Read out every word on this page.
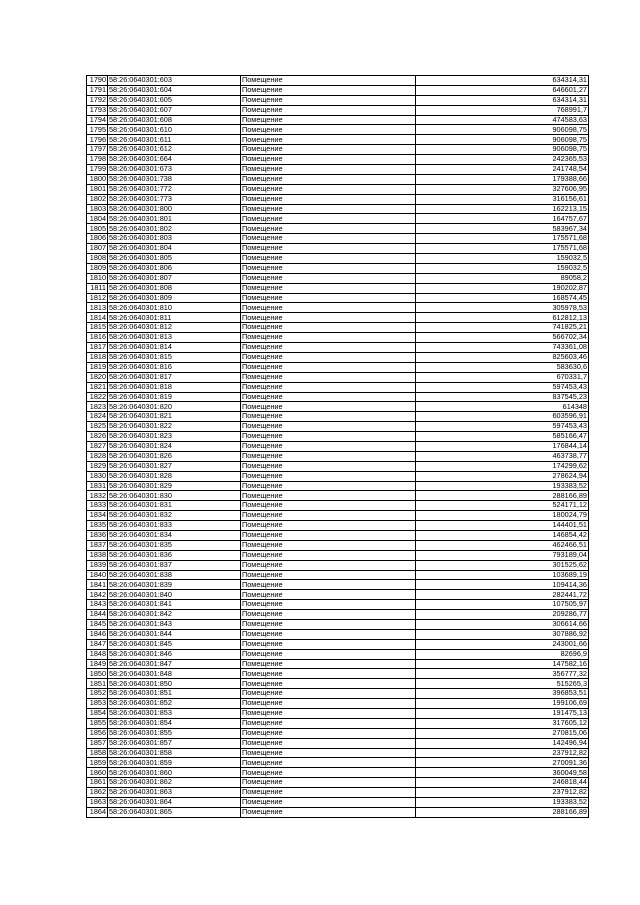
1790	58:26:0640301:603	Помещение	634314,31
1791	58:26:0640301:604	Помещение	646601,27
1792	58:26:0640301:605	Помещение	634314,31
1793	58:26:0640301:607	Помещение	768991,7
1794	58:26:0640301:608	Помещение	474583,63
1795	58:26:0640301:610	Помещение	906098,75
1796	58:26:0640301:611	Помещение	906098,75
1797	58:26:0640301:612	Помещение	906098,75
1798	58:26:0640301:664	Помещение	242365,53
1799	58:26:0640301:673	Помещение	241748,54
1800	58:26:0640301:738	Помещение	179388,66
1801	58:26:0640301:772	Помещение	327606,95
1802	58:26:0640301:773	Помещение	316156,61
1803	58:26:0640301:800	Помещение	162213,15
1804	58:26:0640301:801	Помещение	164757,67
1805	58:26:0640301:802	Помещение	583967,34
1806	58:26:0640301:803	Помещение	175571,68
1807	58:26:0640301:804	Помещение	175571,68
1808	58:26:0640301:805	Помещение	159032,5
1809	58:26:0640301:806	Помещение	159032,5
1810	58:26:0640301:807	Помещение	89058,2
1811	58:26:0640301:808	Помещение	190202,87
1812	58:26:0640301:809	Помещение	168574,45
1813	58:26:0640301:810	Помещение	305978,53
1814	58:26:0640301:811	Помещение	612812,13
1815	58:26:0640301:812	Помещение	741825,21
1816	58:26:0640301:813	Помещение	566702,34
1817	58:26:0640301:814	Помещение	743361,08
1818	58:26:0640301:815	Помещение	825603,46
1819	58:26:0640301:816	Помещение	583630,6
1820	58:26:0640301:817	Помещение	670331,7
1821	58:26:0640301:818	Помещение	597453,43
1822	58:26:0640301:819	Помещение	837545,23
1823	58:26:0640301:820	Помещение	614348
1824	58:26:0640301:821	Помещение	603596,91
1825	58:26:0640301:822	Помещение	597453,43
1826	58:26:0640301:823	Помещение	585166,47
1827	58:26:0640301:824	Помещение	176844,14
1828	58:26:0640301:826	Помещение	463738,77
1829	58:26:0640301:827	Помещение	174299,62
1830	58:26:0640301:828	Помещение	278624,94
1831	58:26:0640301:829	Помещение	193383,52
1832	58:26:0640301:830	Помещение	288166,89
1833	58:26:0640301:831	Помещение	524171,12
1834	58:26:0640301:832	Помещение	180024,79
1835	58:26:0640301:833	Помещение	144401,51
1836	58:26:0640301:834	Помещение	146854,42
1837	58:26:0640301:835	Помещение	462466,51
1838	58:26:0640301:836	Помещение	793189,04
1839	58:26:0640301:837	Помещение	301525,62
1840	58:26:0640301:838	Помещение	103689,19
1841	58:26:0640301:839	Помещение	109414,36
1842	58:26:0640301:840	Помещение	282441,72
1843	58:26:0640301:841	Помещение	107505,97
1844	58:26:0640301:842	Помещение	209286,77
1845	58:26:0640301:843	Помещение	306614,66
1846	58:26:0640301:844	Помещение	307886,92
1847	58:26:0640301:845	Помещение	243001,66
1848	58:26:0640301:846	Помещение	82696,9
1849	58:26:0640301:847	Помещение	147582,16
1850	58:26:0640301:848	Помещение	356777,32
1851	58:26:0640301:850	Помещение	515265,3
1852	58:26:0640301:851	Помещение	396853,51
1853	58:26:0640301:852	Помещение	199106,69
1854	58:26:0640301:853	Помещение	191475,13
1855	58:26:0640301:854	Помещение	317605,12
1856	58:26:0640301:855	Помещение	270815,06
1857	58:26:0640301:857	Помещение	142496,94
1858	58:26:0640301:858	Помещение	237912,82
1859	58:26:0640301:859	Помещение	270091,36
1860	58:26:0640301:860	Помещение	360049,58
1861	58:26:0640301:862	Помещение	246818,44
1862	58:26:0640301:863	Помещение	237912,82
1863	58:26:0640301:864	Помещение	193383,52
1864	58:26:0640301:865	Помещение	288166,89
